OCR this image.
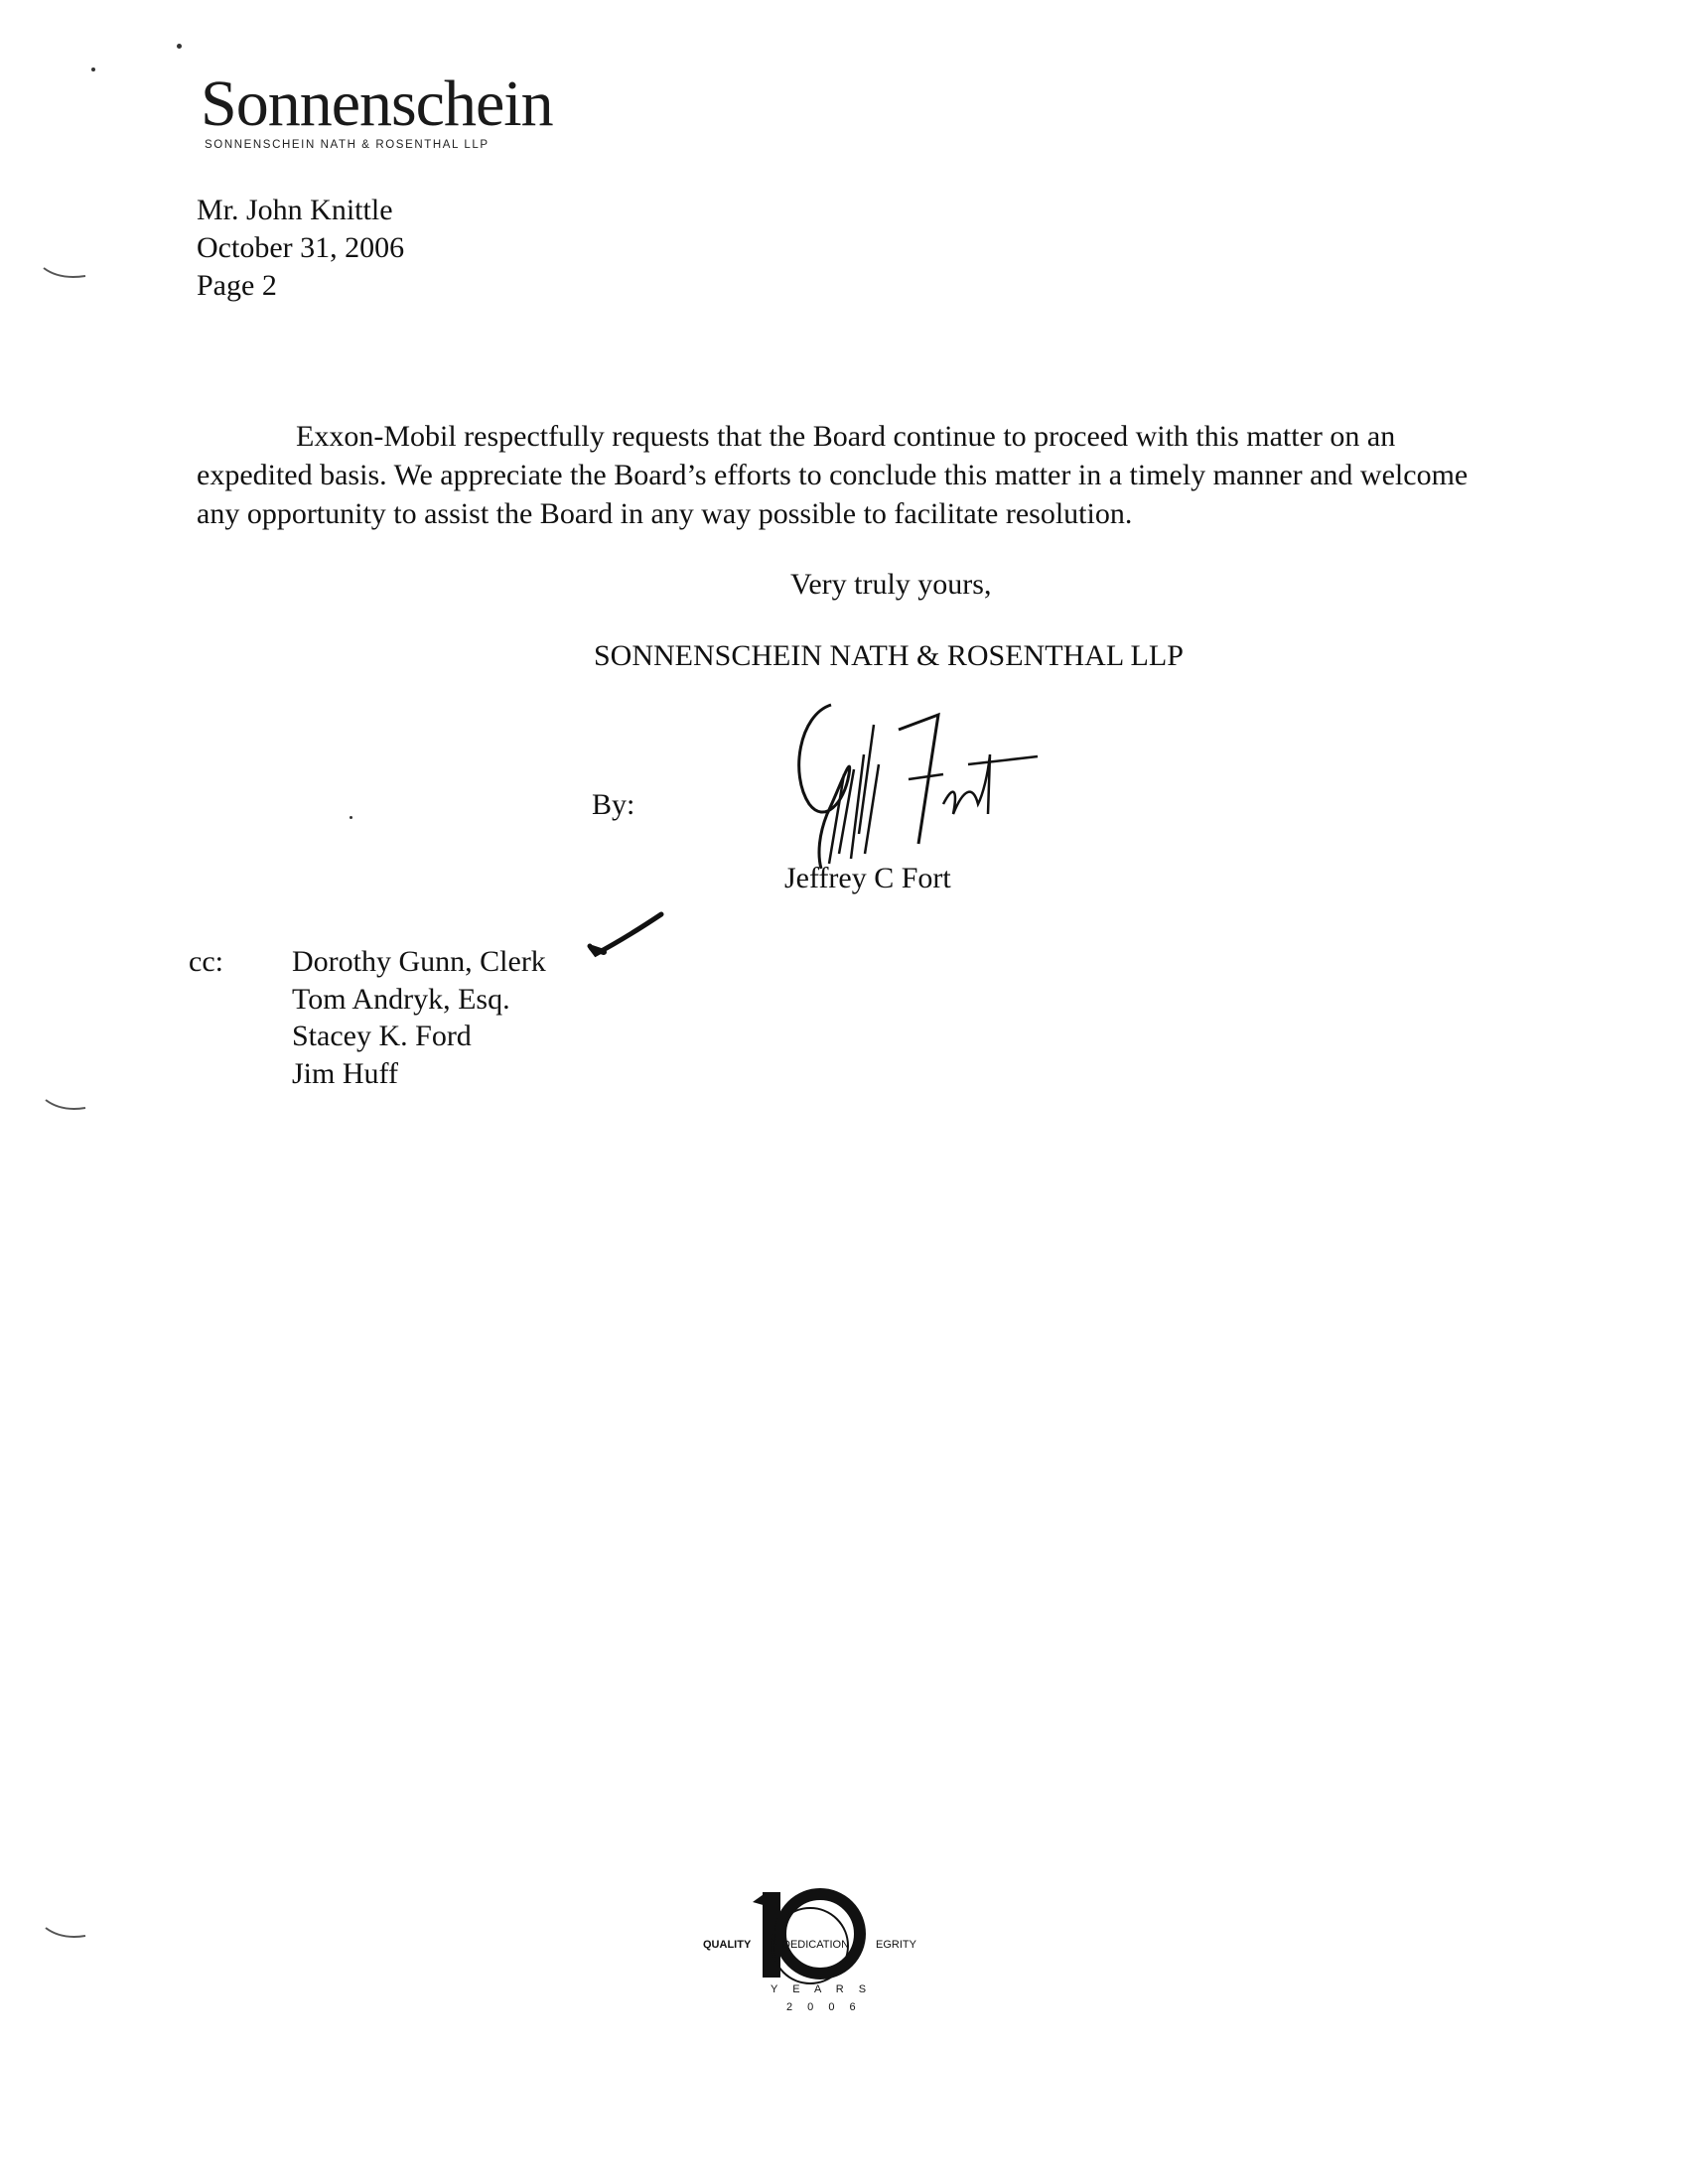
Sonnenschein
SONNENSCHEIN NATH & ROSENTHAL LLP
Mr. John Knittle
October 31, 2006
Page 2
Exxon-Mobil respectfully requests that the Board continue to proceed with this matter on an expedited basis. We appreciate the Board’s efforts to conclude this matter in a timely manner and welcome any opportunity to assist the Board in any way possible to facilitate resolution.
Very truly yours,
SONNENSCHEIN NATH & ROSENTHAL LLP
By:
Jeffrey C Fort
cc: Dorothy Gunn, Clerk
Tom Andryk, Esq.
Stacey K. Ford
Jim Huff
QUALITY	DEDICATION EGRITY
Y E A R S
2 0 0 6
